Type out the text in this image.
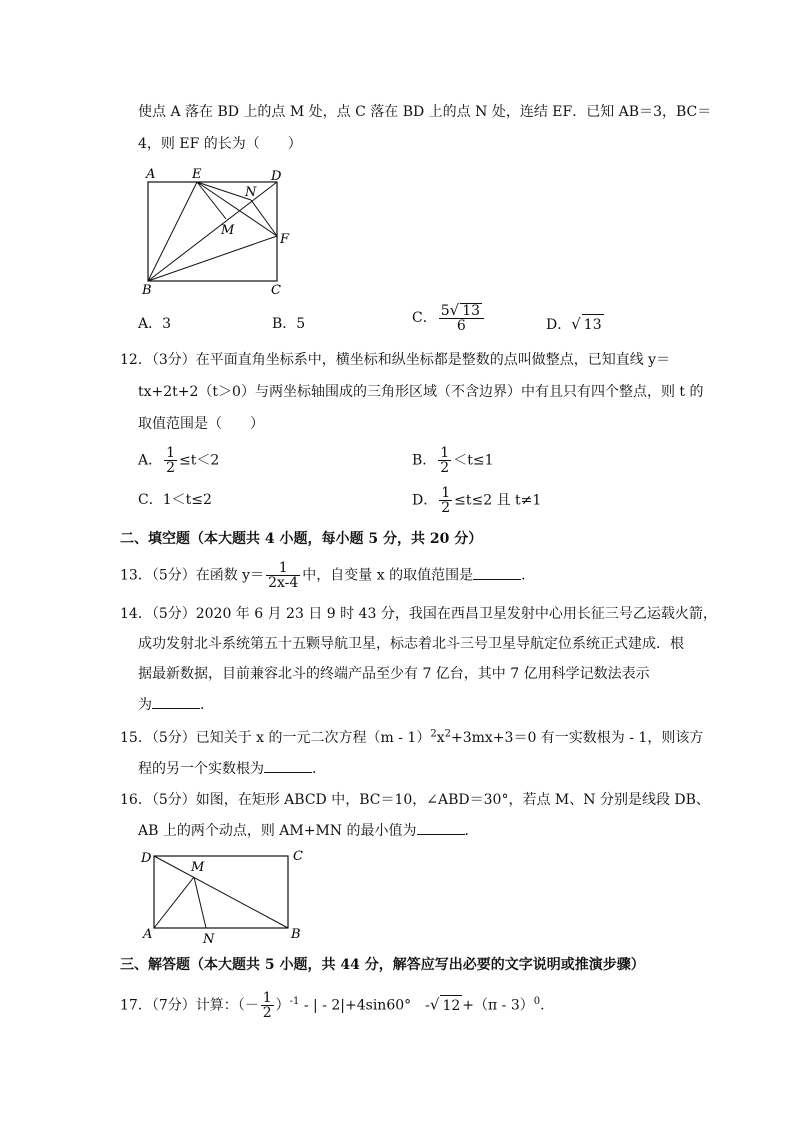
使点 A 落在 BD 上的点 M 处，点 C 落在 BD 上的点 N 处，连结 EF．已知 AB＝3，BC＝
4，则 EF 的长为（　　）
A	E	D
N
M
F
B	C
A．3	B．5	C． $\frac{5√ 13}{6}$	D．√ 13
12．（3分）在平面直角坐标系中，横坐标和纵坐标都是整数的点叫做整点，已知直线 y＝
tx+2t+2（t＞0）与两坐标轴围成的三角形区域（不含边界）中有且只有四个整点，则 t 的
取值范围是（　　）
A． $\frac{1}{2} \le t<2$	B． $\frac{1}{2} <t\le 1$
C．1＜t≤2	D． $\frac{1}{2} \le t\le 2$ 且 t≠1
二、填空题（本大题共 4 小题，每小题 5 分，共 20 分）
13．（5分）在函数 $y= \frac{1}{2x-4}$ 中，自变量 x 的取值范围是	．
14．（5分）2020 年 6 月 23 日 9 时 43 分，我国在西昌卫星发射中心用长征三号乙运载火箭，
成功发射北斗系统第五十五颗导航卫星，标志着北斗三号卫星导航定位系统正式建成．根
据最新数据，目前兼容北斗的终端产品至少有 7 亿台，其中 7 亿用科学记数法表示
为	．
15．（5分）已知关于 x 的一元二次方程$(m - 1)^2x^2+3mx+3=0$ 有一实数根为 - 1，则该方
程的另一个实数根为	．
16．（5分）如图，在矩形 ABCD 中，BC＝10，∠ABD＝30°，若点 M、N 分别是线段 DB、
AB 上的两个动点，则 AM+MN 的最小值为	．
D
M
C
A	N	B
三、解答题（本大题共 5 小题，共 44 分，解答应写出必要的文字说明或推演步骤）
17．（7分）计算：（－ $\frac{1}{2} )^{-1}$ - | - 2|+4sin60°　-√ 12 +（π - 3）$^0$．
